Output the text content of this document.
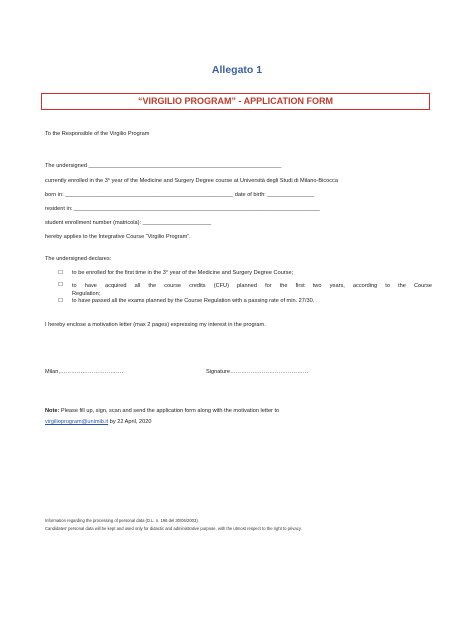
Allegato 1
“VIRGILIO PROGRAM” - APPLICATION FORM
To the Responsible of the Virgilio Program
The undersigned ______________________________________________________________
currently enrolled in the 3° year of the Medicine and Surgery Degree course at Università degli Studi di Milano-Bicocca
born in: ______________________________________________________ date of birth: _______________
resident in: _______________________________________________________________________________
student enrollment number (matricola): ______________________
hereby applies to the Integrative Course “Virgilio Program”.
The undersigned declares:
☐ to be enrolled for the first time in the 3° year of the Medicine and Surgery Degree Course;
☐ to have acquired all the course credits (CFU) planned for the first two years, according to the Course
Regulation;
☐ to have passed all the exams planned by the Course Regulation with a passing rate of min. 27/30.
I hereby enclose a motivation letter (max 2 pages) expressing my interest in the program.
Milan,…………………………….	Signature……………………………………
Note: Please fill up, sign, scan and send the application form along with the motivation letter to
virgilioprogram@unimib.it by 22 April, 2020
Information regarding the processing of personal data (D.L. n. 196 del 30/06/2003).
Candidates' personal data will be kept and used only for didactic and administrative purpose, with the utmost respect to the right to privacy.
